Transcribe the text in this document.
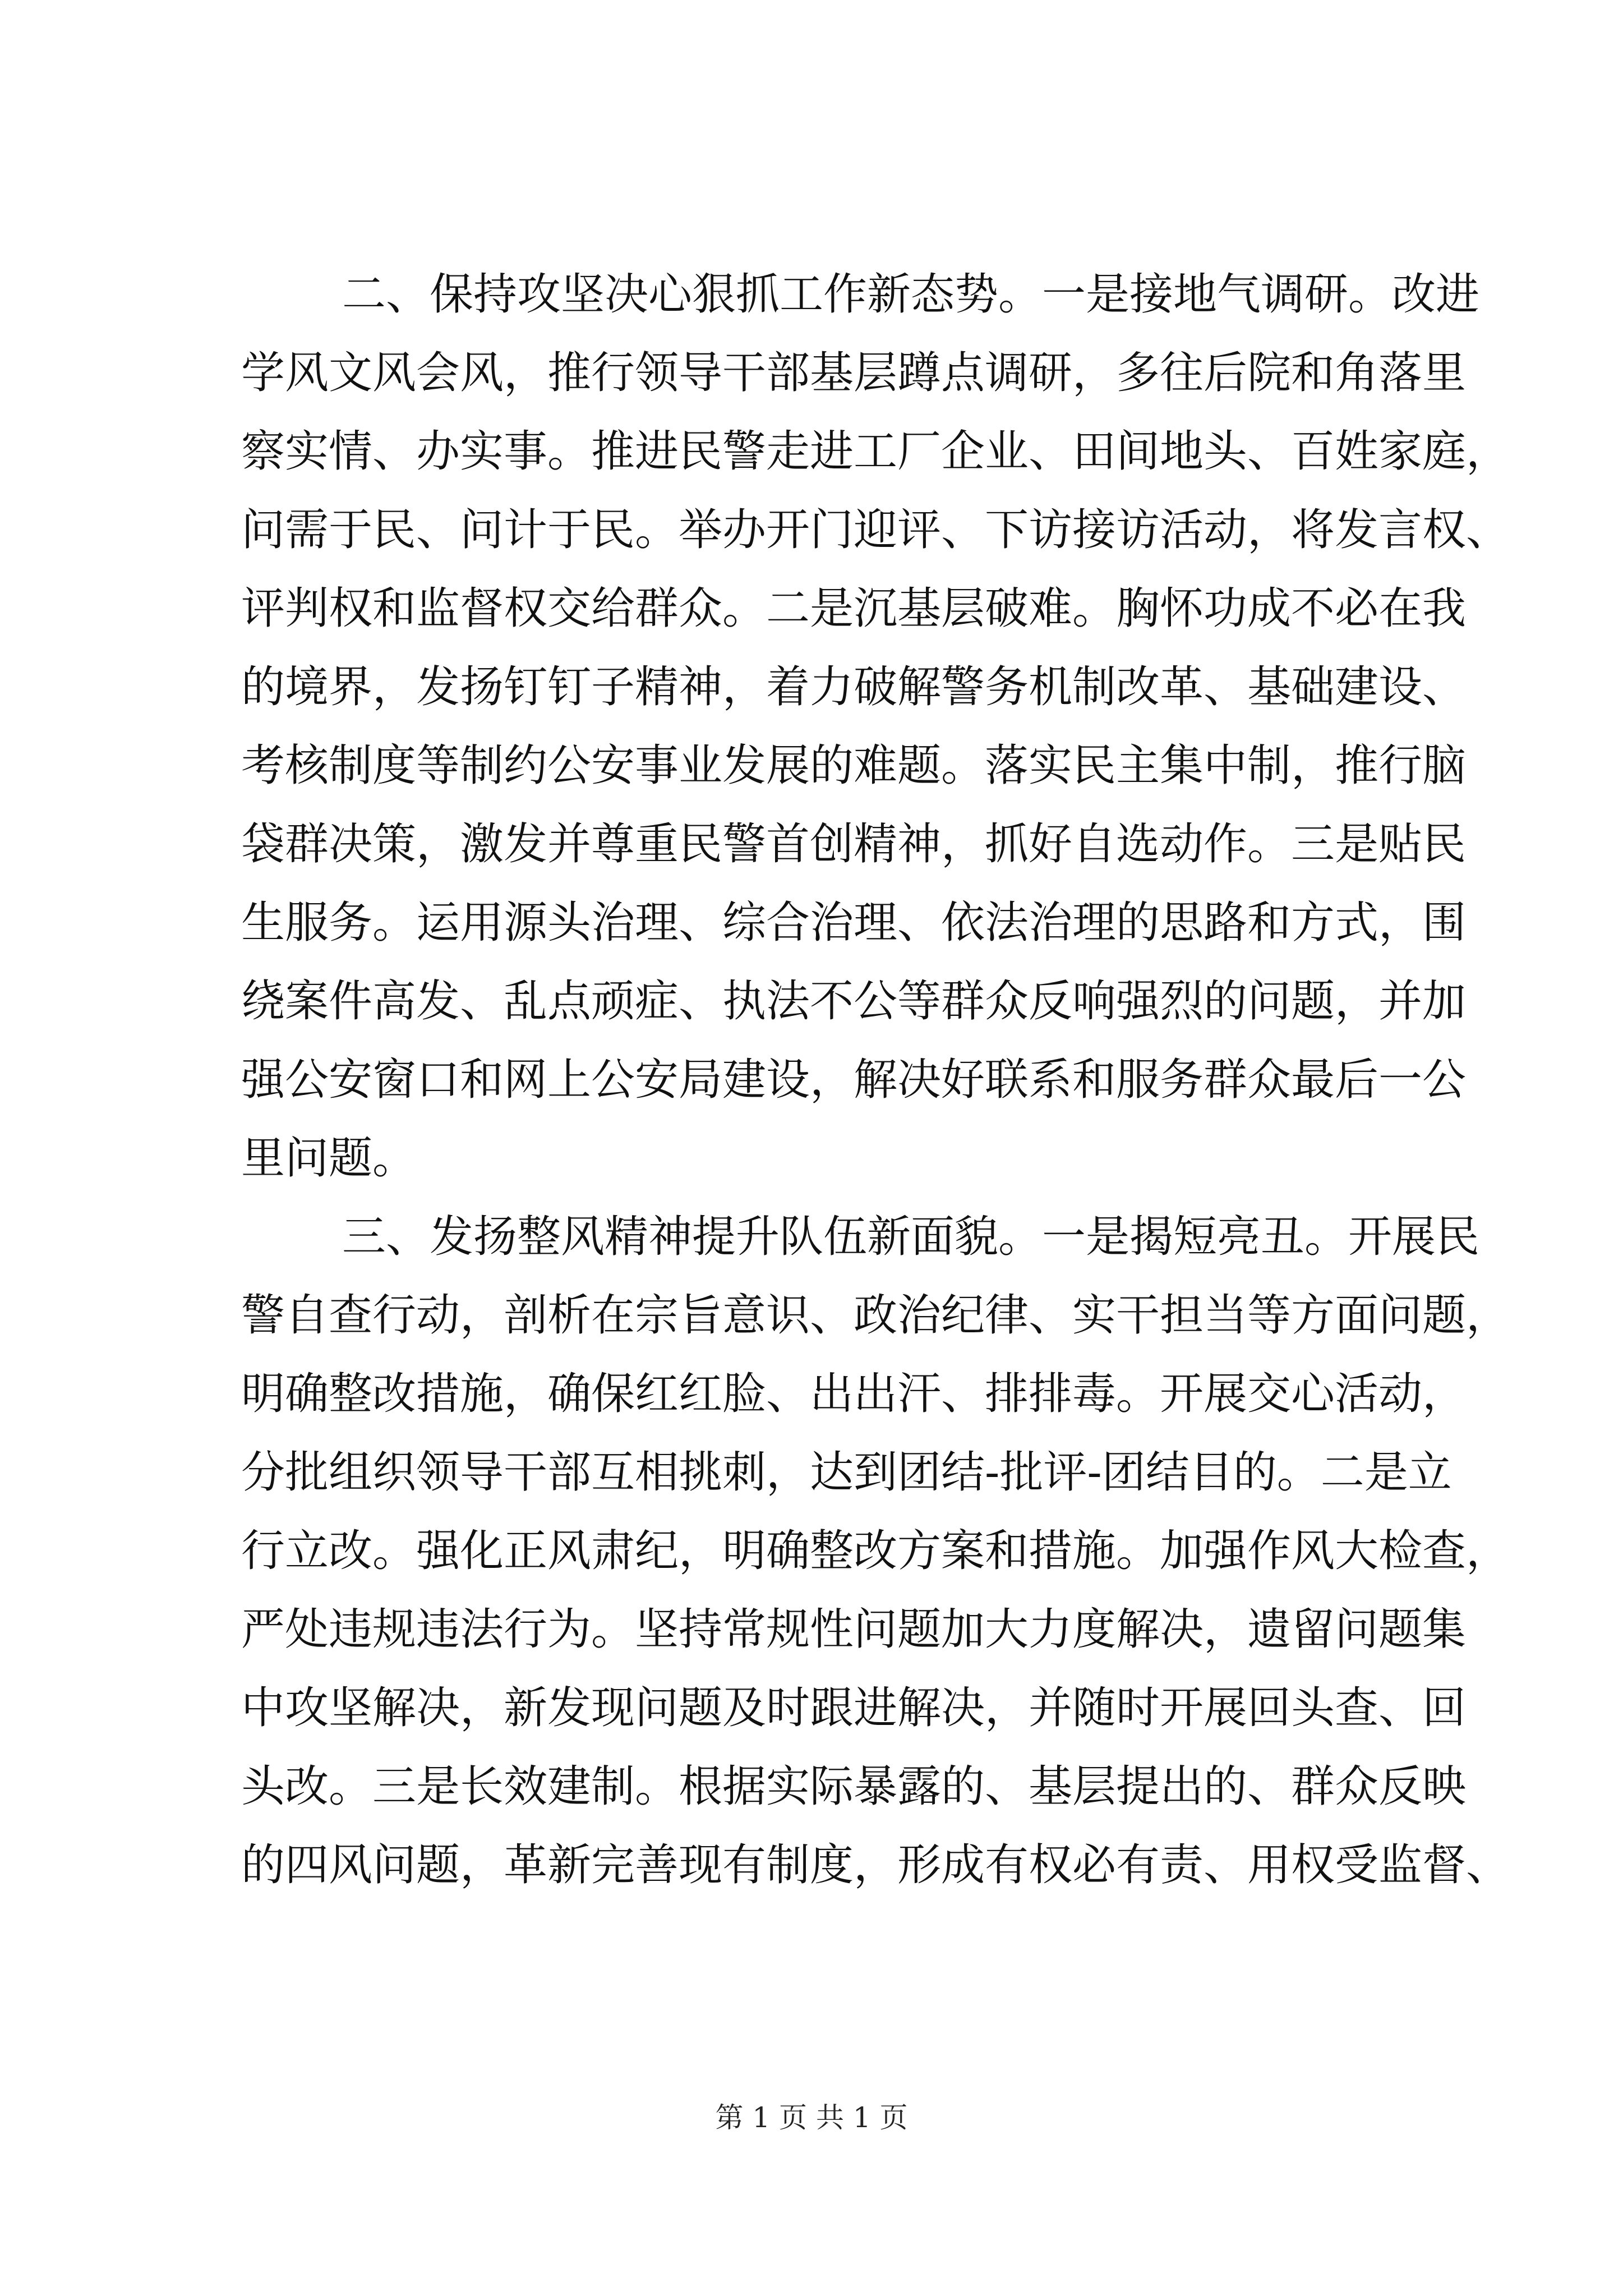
二、保持攻坚决心狠抓工作新态势。一是接地气调研。改进
学风文风会风，推行领导干部基层蹲点调研，多往后院和角落里
察实情、办实事。推进民警走进工厂企业、田间地头、百姓家庭，
问需于民、问计于民。举办开门迎评、下访接访活动，将发言权、
评判权和监督权交给群众。二是沉基层破难。胸怀功成不必在我
的境界，发扬钉钉子精神，着力破解警务机制改革、基础建设、
考核制度等制约公安事业发展的难题。落实民主集中制，推行脑
袋群决策，激发并尊重民警首创精神，抓好自选动作。三是贴民
生服务。运用源头治理、综合治理、依法治理的思路和方式，围
绕案件高发、乱点顽症、执法不公等群众反响强烈的问题，并加
强公安窗口和网上公安局建设，解决好联系和服务群众最后一公
里问题。
三、发扬整风精神提升队伍新面貌。一是揭短亮丑。开展民
警自查行动，剖析在宗旨意识、政治纪律、实干担当等方面问题，
明确整改措施，确保红红脸、出出汗、排排毒。开展交心活动，
分批组织领导干部互相挑刺，达到团结-批评-团结目的。二是立
行立改。强化正风肃纪，明确整改方案和措施。加强作风大检查，
严处违规违法行为。坚持常规性问题加大力度解决，遗留问题集
中攻坚解决，新发现问题及时跟进解决，并随时开展回头查、回
头改。三是长效建制。根据实际暴露的、基层提出的、群众反映
的四风问题，革新完善现有制度，形成有权必有责、用权受监督、
第 1 页 共 1 页
